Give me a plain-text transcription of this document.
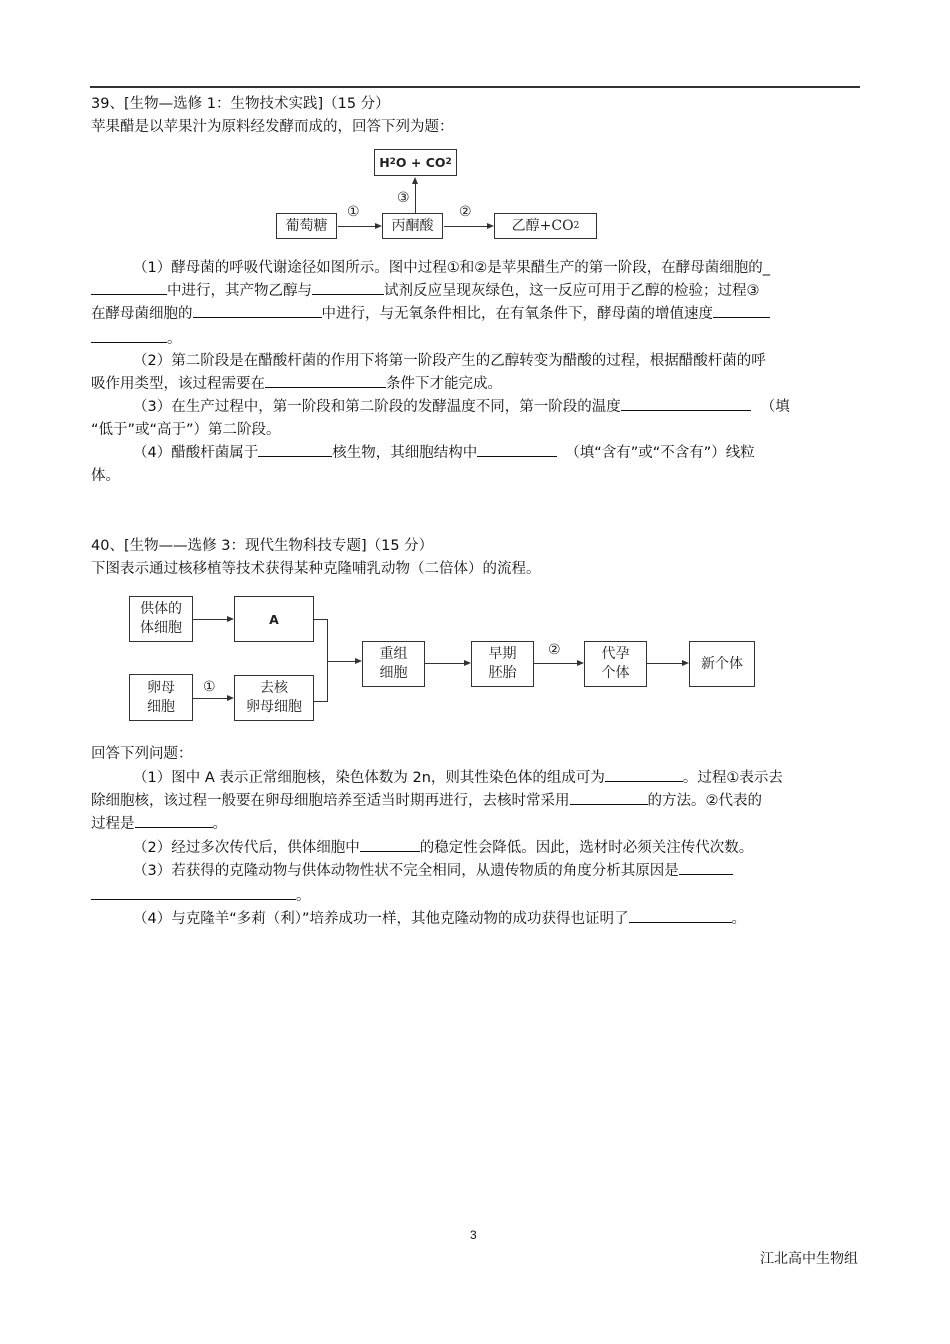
39、[生物—选修 1：生物技术实践]（15 分）
苹果醋是以苹果汁为原料经发酵而成的，回答下列为题：
H 2 O + CO 2
葡萄糖	丙酮酸	乙醇+CO 2
①	②
③
（1）酵母菌的呼吸代谢途径如图所示。图中过程①和②是苹果醋生产的第一阶段，在酵母菌细胞的_
中进行，其产物乙醇与	试剂反应呈现灰绿色，这一反应可用于乙醇的检验；过程③
在酵母菌细胞的	中进行，与无氧条件相比，在有氧条件下，酵母菌的增值速度
。
（2）第二阶段是在醋酸杆菌的作用下将第一阶段产生的乙醇转变为醋酸的过程，根据醋酸杆菌的呼
吸作用类型，该过程需要在	条件下才能完成。
（3）在生产过程中，第一阶段和第二阶段的发酵温度不同，第一阶段的温度	（填
“低于”或“高于”）第二阶段。
（4）醋酸杆菌属于	核生物，其细胞结构中	（填“含有”或“不含有”）线粒
体。
40、[生物——选修 3：现代生物科技专题]（15 分）
下图表示通过核移植等技术获得某种克隆哺乳动物（二倍体）的流程。
供体的
体细胞
A
卵母
细胞
去核
卵母细胞
重组
细胞
早期
胚胎
代孕
个体
新个体
①
②
回答下列问题：
（1）图中 A 表示正常细胞核，染色体数为 2n，则其性染色体的组成可为	。过程①表示去
除细胞核，该过程一般要在卵母细胞培养至适当时期再进行，去核时常采用	的方法。②代表的
过程是	。
（2）经过多次传代后，供体细胞中	的稳定性会降低。因此，选材时必须关注传代次数。
（3）若获得的克隆动物与供体动物性状不完全相同，从遗传物质的角度分析其原因是
。
（4）与克隆羊“多莉（利）”培养成功一样，其他克隆动物的成功获得也证明了	。
3
江北高中生物组
